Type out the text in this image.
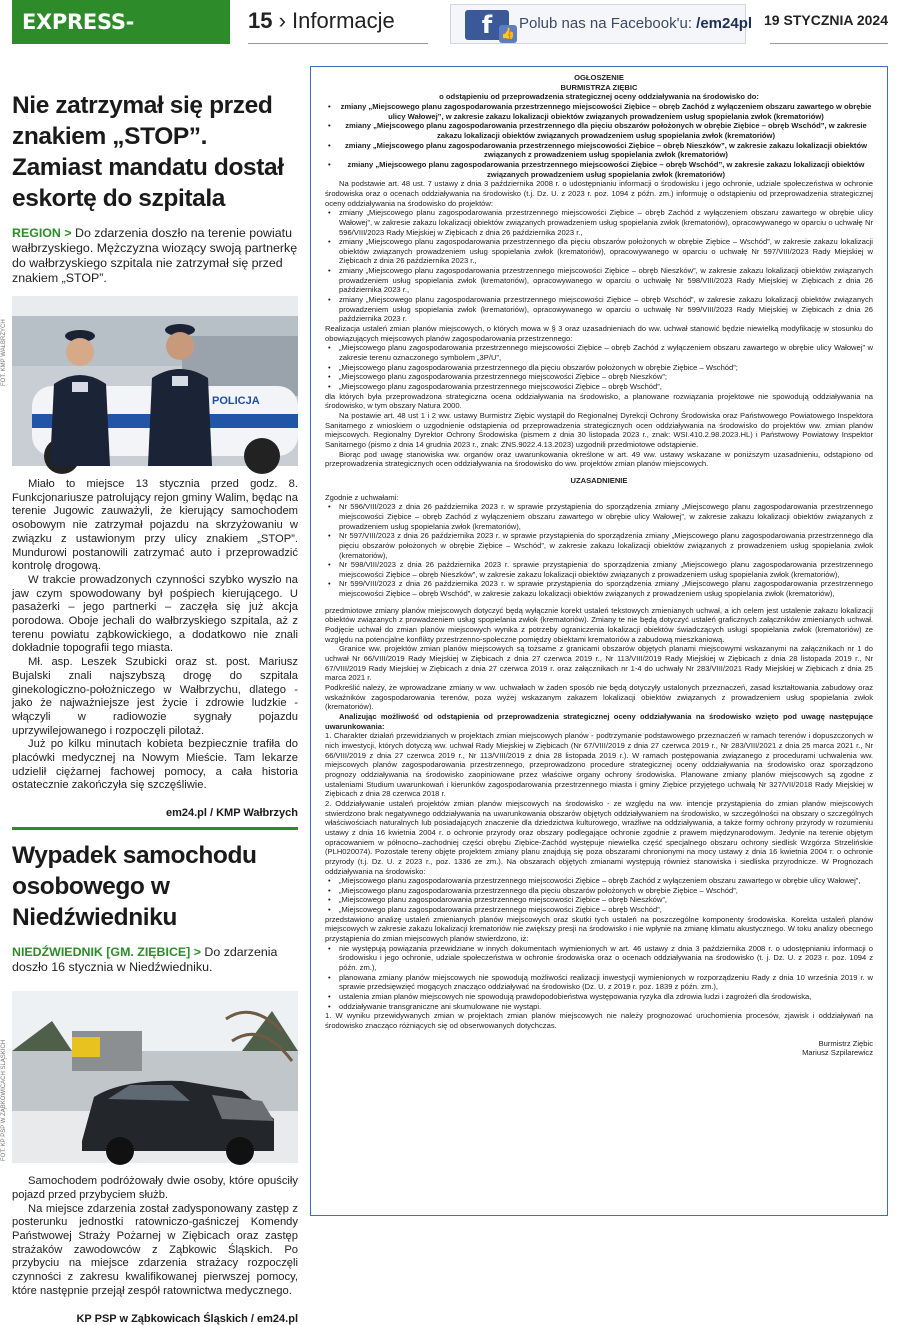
EXPRESS-MIEJSKI.PL
15 › Informacje	f 👍
Polub nas na Facebook'u: /em24pl 19 STYCZNIA 2024
Nie zatrzymał się przed znakiem „STOP”. Zamiast mandatu dostał eskortę do szpitala
REGION > Do zdarzenia doszło na terenie powiatu wałbrzyskiego. Mężczyzna wiozący swoją partnerkę do wałbrzyskiego szpitala nie zatrzymał się przed znakiem „STOP”.
POLICJA
FOT. KMP WAŁBRZYCH

Miało to miejsce 13 stycznia przed godz. 8. Funkcjonariusze patrolujący rejon gminy Walim, będąc na terenie Jugowic zauważyli, że kierujący samochodem osobowym nie zatrzymał pojazdu na skrzyżowaniu w związku z ustawionym przy ulicy znakiem „STOP”. Mundurowi postanowili zatrzymać auto i przeprowadzić kontrolę drogową.

W trakcie prowadzonych czynności szybko wyszło na jaw czym spowodowany był pośpiech kierującego. U pasażerki – jego partnerki – zaczęła się już akcja porodowa. Oboje jechali do wałbrzyskiego szpitala, aż z terenu powiatu ząbkowickiego, a dodatkowo nie znali dokładnie topografii tego miasta.

Mł. asp. Leszek Szubicki oraz st. post. Mariusz Bujalski znali najszybszą drogę do szpitala ginekologiczno-położniczego w Wałbrzychu, dlatego - jako że najważniejsze jest życie i zdrowie ludzkie - włączyli w radiowozie sygnały pojazdu uprzywilejowanego i rozpoczęli pilotaż.

Już po kilku minutach kobieta bezpiecznie trafiła do placówki medycznej na Nowym Mieście. Tam lekarze udzielił ciężarnej fachowej pomocy, a cała historia ostatecznie zakończyła się szczęśliwie.

em24.pl / KMP Wałbrzych
Wypadek samochodu osobowego w Niedźwiedniku
NIEDŹWIEDNIK [GM. ZIĘBICE] > Do zdarzenia doszło 16 stycznia w Niedźwiedniku.
FOT. KP PSP W ZĄBKOWICACH ŚLĄSKICH

Samochodem podróżowały dwie osoby, które opuściły pojazd przed przybyciem służb.

Na miejsce zdarzenia został zadysponowany zastęp z posterunku jednostki ratowniczo-gaśniczej Komendy Państwowej Straży Pożarnej w Ziębicach oraz zastęp strażaków zawodowców z Ząbkowic Śląskich. Po przybyciu na miejsce zdarzenia strażacy rozpoczęli czynności z zakresu kwalifikowanej pierwszej pomocy, które następnie przejął zespół ratownictwa medycznego.

KP PSP w Ząbkowicach Śląskich / em24.pl
OGŁOSZENIE
BURMISTRZA ZIĘBIC
o odstąpieniu od przeprowadzenia strategicznej oceny oddziaływania na środowisko do:
• zmiany „Miejscowego planu zagospodarowania przestrzennego miejscowości Ziębice – obręb Zachód z wyłączeniem obszaru zawartego w obrębie ulicy Wałowej”, w zakresie zakazu lokalizacji obiektów związanych prowadzeniem usług spopielania zwłok (krematoriów)
• zmiany „Miejscowego planu zagospodarowania przestrzennego dla pięciu obszarów położonych w obrębie Ziębice – obręb Wschód”, w zakresie zakazu lokalizacji obiektów związanych prowadzeniem usług spopielania zwłok (krematoriów)
• zmiany „Miejscowego planu zagospodarowania przestrzennego miejscowości Ziębice – obręb Nieszków”, w zakresie zakazu lokalizacji obiektów związanych z prowadzeniem usług spopielania zwłok (krematoriów)
• zmiany „Miejscowego planu zagospodarowania przestrzennego miejscowości Ziębice – obręb Wschód”, w zakresie zakazu lokalizacji obiektów związanych prowadzeniem usług spopielania zwłok (krematoriów)

Na podstawie art. 48 ust. 7 ustawy z dnia 3 października 2008 r. o udostępnianiu informacji o środowisku i jego ochronie, udziale społeczeństwa w ochronie środowiska oraz o ocenach oddziaływania na środowisko (t.j. Dz. U. z 2023 r. poz. 1094 z późn. zm.) informuję o odstąpieniu od przeprowadzenia strategicznej oceny oddziaływania na środowisko do projektów:

• zmiany „Miejscowego planu zagospodarowania przestrzennego miejscowości Ziębice – obręb Zachód z wyłączeniem obszaru zawartego w obrębie ulicy Wałowej”, w zakresie zakazu lokalizacji obiektów związanych prowadzeniem usług spopielania zwłok (krematoriów), opracowywanego w oparciu o uchwałę Nr 596/VIII/2023 Rady Miejskiej w Ziębicach z dnia 26 października 2023 r.,
• zmiany „Miejscowego planu zagospodarowania przestrzennego dla pięciu obszarów położonych w obrębie Ziębice – Wschód”, w zakresie zakazu lokalizacji obiektów związanych prowadzeniem usług spopielania zwłok (krematoriów), opracowywanego w oparciu o uchwałę Nr 597/VIII/2023 Rady Miejskiej w Ziębicach z dnia 26 października 2023 r.,
• zmiany „Miejscowego planu zagospodarowania przestrzennego miejscowości Ziębice – obręb Nieszków”, w zakresie zakazu lokalizacji obiektów związanych prowadzeniem usług spopielania zwłok (krematoriów), opracowywanego w oparciu o uchwałę Nr 598/VIII/2023 Rady Miejskiej w Ziębicach z dnia 26 października 2023 r.,
• zmiany „Miejscowego planu zagospodarowania przestrzennego miejscowości Ziębice – obręb Wschód”, w zakresie zakazu lokalizacji obiektów związanych prowadzeniem usług spopielania zwłok (krematoriów), opracowywanego w oparciu o uchwałę Nr 599/VIII/2023 Rady Miejskiej w Ziębicach z dnia 26 października 2023 r.

Realizacja ustaleń zmian planów miejscowych, o których mowa w § 3 oraz uzasadnieniach do ww. uchwał stanowić będzie niewielką modyfikację w stosunku do obowiązujących miejscowych planów zagospodarowania przestrzennego:

• „Miejscowego planu zagospodarowania przestrzennego miejscowości Ziębice – obręb Zachód z wyłączeniem obszaru zawartego w obrębie ulicy Wałowej” w zakresie terenu oznaczonego symbolem „3P/U”,
• „Miejscowego planu zagospodarowania przestrzennego dla pięciu obszarów położonych w obrębie Ziębice – Wschód”;
• „Miejscowego planu zagospodarowania przestrzennego miejscowości Ziębice – obręb Nieszków”;
• „Miejscowego planu zagospodarowania przestrzennego miejscowości Ziębice – obręb Wschód”,

dla których była przeprowadzona strategiczna ocena oddziaływania na środowisko, a planowane rozwiązania projektowe nie spowodują oddziaływania na środowisko, w tym obszary Natura 2000.

Na postawie art. 48 ust 1 i 2 ww. ustawy Burmistrz Ziębic wystąpił do Regionalnej Dyrekcji Ochrony Środowiska oraz Państwowego Powiatowego Inspektora Sanitarnego z wnioskiem o uzgodnienie odstąpienia od przeprowadzenia strategicznych ocen oddziaływania na środowisko do projektów ww. zmian planów miejscowych. Regionalny Dyrektor Ochrony Środowiska (pismem z dnia 30 listopada 2023 r., znak: WSI.410.2.98.2023.HL) i Państwowy Powiatowy Inspektor Sanitarnego (pismo z dnia 14 grudnia 2023 r., znak: ZNS.9022.4.13.2023) uzgodnili przedmiotowe odstąpienie.

Biorąc pod uwagę stanowiska ww. organów oraz uwarunkowania określone w art. 49 ww. ustawy wskazane w poniższym uzasadnieniu, odstąpiono od przeprowadzenia strategicznych ocen oddziaływania na środowisko do ww. projektów zmian planów miejscowych.

UZASADNIENIE

Zgodnie z uchwałami:

• Nr 596/VIII/2023 z dnia 26 października 2023 r. w sprawie przystąpienia do sporządzenia zmiany „Miejscowego planu zagospodarowania przestrzennego miejscowości Ziębice – obręb Zachód z wyłączeniem obszaru zawartego w obrębie ulicy Wałowej”, w zakresie zakazu lokalizacji obiektów związanych z prowadzeniem usług spopielania zwłok (krematoriów),
• Nr 597/VIII/2023 z dnia 26 października 2023 r. w sprawie przystąpienia do sporządzenia zmiany „Miejscowego planu zagospodarowania przestrzennego dla pięciu obszarów położonych w obrębie Ziębice – Wschód”, w zakresie zakazu lokalizacji obiektów związanych z prowadzeniem usług spopielania zwłok (krematoriów),
• Nr 598/VIII/2023 z dnia 26 października 2023 r. sprawie przystąpienia do sporządzenia zmiany „Miejscowego planu zagospodarowania przestrzennego miejscowości Ziębice – obręb Nieszków”, w zakresie zakazu lokalizacji obiektów związanych z prowadzeniem usług spopielania zwłok (krematoriów),
• Nr 599/VIII/2023 z dnia 26 października 2023 r. w sprawie przystąpienia do sporządzenia zmiany „Miejscowego planu zagospodarowania przestrzennego miejscowości Ziębice – obręb Wschód”, w zakresie zakazu lokalizacji obiektów związanych z prowadzeniem usług spopielania zwłok (krematoriów),

przedmiotowe zmiany planów miejscowych dotyczyć będą wyłącznie korekt ustaleń tekstowych zmienianych uchwał, a ich celem jest ustalenie zakazu lokalizacji obiektów związanych z prowadzeniem usług spopielania zwłok (krematoriów). Zmiany te nie będą dotyczyć ustaleń graficznych załączników zmienianych uchwał. Podjęcie uchwał do zmian planów miejscowych wynika z potrzeby ograniczenia lokalizacji obiektów świadczących usługi spopielania zwłok (krematoriów) ze względu na potencjalne konflikty przestrzenno-społeczne pomiędzy obiektami krematoriów a zabudową mieszkaniową.

Granice ww. projektów zmian planów miejscowych są tożsame z granicami obszarów objętych planami miejscowymi wskazanymi na załącznikach nr 1 do uchwał Nr 66/VIII/2019 Rady Miejskiej w Ziębicach z dnia 27 czerwca 2019 r., Nr 113/VIII/2019 Rady Miejskiej w Ziębicach z dnia 28 listopada 2019 r., Nr 67/VIII/2019 Rady Miejskiej w Ziębicach z dnia 27 czerwca 2019 r. oraz załącznikach nr 1-4 do uchwały Nr 283/VIII/2021 Rady Miejskiej w Ziębicach z dnia 25 marca 2021 r.

Podkreślić należy, że wprowadzane zmiany w ww. uchwałach w żaden sposób nie będą dotyczyły ustalonych przeznaczeń, zasad kształtowania zabudowy oraz wskaźników zagospodarowania terenów, poza wyżej wskazanym zakazem lokalizacji obiektów związanych z prowadzeniem usług spopielania zwłok (krematoriów).

Analizując możliwość od odstąpienia od przeprowadzenia strategicznej oceny oddziaływania na środowisko wzięto pod uwagę następujące uwarunkowania:

1. Charakter działań przewidzianych w projektach zmian miejscowych planów - podtrzymanie podstawowego przeznaczeń w ramach terenów i dopuszczonych w nich inwestycji, których dotyczą ww. uchwał Rady Miejskiej w Ziębicach (Nr 67/VIII/2019 z dnia 27 czerwca 2019 r., Nr 283/VIII/2021 z dnia 25 marca 2021 r., Nr 66/VIII/2019 z dnia 27 czerwca 2019 r., Nr 113/VIII/2019 z dnia 28 listopada 2019 r.). W ramach postępowania związanego z procedurami uchwalenia ww. miejscowych planów zagospodarowania przestrzennego, przeprowadzono procedure strategicznej oceny oddziaływania na środowisko oraz sporządzono prognozy oddziaływania na środowisko zaopiniowane przez właściwe organy ochrony środowiska. Planowane zmiany planów miejscowych są zgodne z ustaleniami Studium uwarunkowań i kierunków zagospodarowania przestrzennego miasta i gminy Ziębice przyjętego uchwałą Nr 327/VII/2018 Rady Miejskiej w Ziębicach z dnia 28 czerwca 2018 r.

2. Oddziaływanie ustaleń projektów zmian planów miejscowych na środowisko - ze względu na ww. intencje przystąpienia do zmian planów miejscowych stwierdzono brak negatywnego oddziaływania na uwarunkowania obszarów objętych oddziaływaniem na środowisko, w szczególności na obszary o szczególnych właściwościach naturalnych lub posiadających znaczenie dla dziedzictwa kulturowego, wrażliwe na oddziaływania, a także formy ochrony przyrody w rozumieniu ustawy z dnia 16 kwietnia 2004 r. o ochronie przyrody oraz obszary podlegające ochronie zgodnie z prawem międzynarodowym. Jedynie na terenie objętym opracowaniem w północno–zachodniej części obrębu Ziębice-Zachód występuje niewielka część specjalnego obszaru ochrony siedlisk Wzgórza Strzelińskie (PLH020074). Pozostałe tereny objęte projektem zmiany planu znajdują się poza obszarami chronionymi na mocy ustawy z dnia 16 kwietnia 2004 r. o ochronie przyrody (t.j. Dz. U. z 2023 r., poz. 1336 ze zm.). Na obszarach objętych zmianami występują również stanowiska i siedliska przyrodnicze. W Prognozach oddziaływania na środowisko:

• „Miejscowego planu zagospodarowania przestrzennego miejscowości Ziębice – obręb Zachód z wyłączeniem obszaru zawartego w obrębie ulicy Wałowej”,
• „Miejscowego planu zagospodarowania przestrzennego dla pięciu obszarów położonych w obrębie Ziębice – Wschód”,
• „Miejscowego planu zagospodarowania przestrzennego miejscowości Ziębice – obręb Nieszków”,
• „Miejscowego planu zagospodarowania przestrzennego miejscowości Ziębice – obręb Wschód”,

przedstawiono analizę ustaleń zmienianych planów miejscowych oraz skutki tych ustaleń na poszczególne komponenty środowiska. Korekta ustaleń planów miejscowych w zakresie zakazu lokalizacji krematoriów nie zwiększy presji na środowisko i nie wpłynie na zmianę klimatu akustycznego. W toku analizy obecnego przystąpienia do zmian miejscowych planów stwierdzono, iż:

• nie występują powiązania przewidziane w innych dokumentach wymienionych w art. 46 ustawy z dnia 3 października 2008 r. o udostępnianiu informacji o środowisku i jego ochronie, udziale społeczeństwa w ochronie środowiska oraz o ocenach oddziaływania na środowisko (t. j. Dz. U. z 2023 r. poz. 1094 z późn. zm.),
• planowana zmiany planów miejscowych nie spowodują możliwości realizacji inwestycji wymienionych w rozporządzeniu Rady z dnia 10 września 2019 r. w sprawie przedsięwzięć mogących znacząco oddziaływać na środowisko (Dz. U. z 2019 r. poz. 1839 z późn. zm.),
• ustalenia zmian planów miejscowych nie spowodują prawdopodobieństwa występowania ryzyka dla zdrowia ludzi i zagrożeń dla środowiska,
• oddziaływanie transgraniczne ani skumulowane nie wystąpi.

1. W wyniku przewidywanych zmian w projektach zmian planów miejscowych nie należy prognozować uruchomienia procesów, zjawisk i oddziaływań na środowisko znacząco różniących się od obserwowanych dotychczas.

Burmistrz Ziębic
Mariusz Szpilarewicz
